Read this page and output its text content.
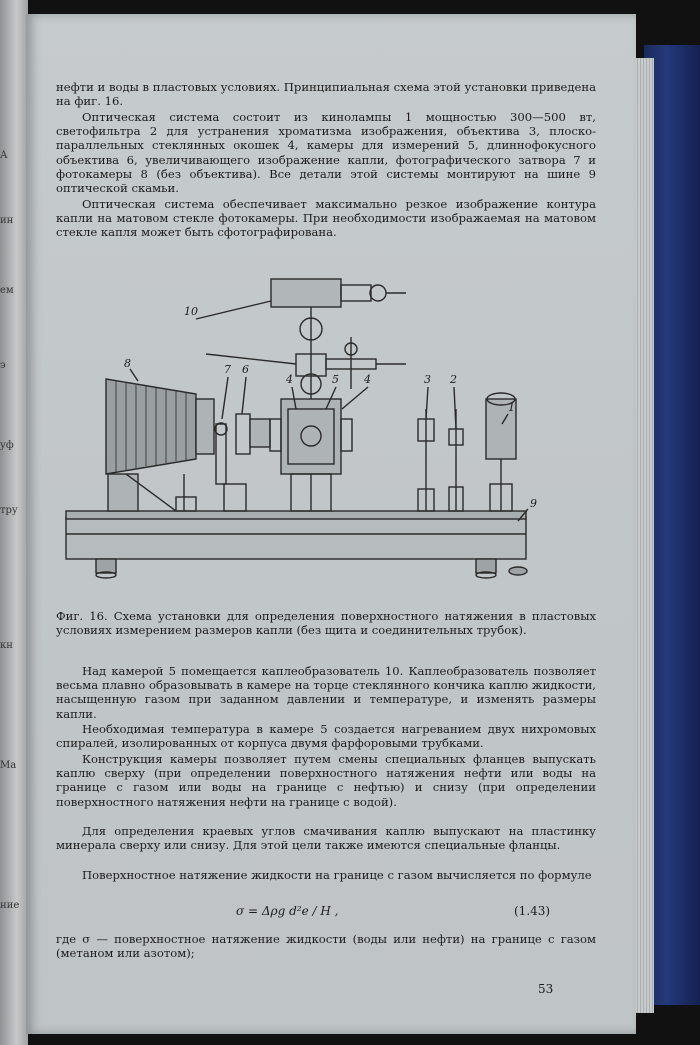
А
ин
ем
э
уф
тру
кн
Ма
ние

нефти и воды в пластовых условиях. Принципиальная схема этой установки приведена на фиг. 16.

Оптическая система состоит из кинолампы 1 мощностью 300—500 вт, светофильтра 2 для устранения хроматизма изображения, объектива 3, плоско-параллельных стеклянных окошек 4, камеры для измерений 5, длиннофокусного объектива 6, увеличивающего изображение капли, фотографического затвора 7 и фотокамеры 8 (без объектива). Все детали этой системы монтируют на шине 9 оптической скамьи.

Оптическая система обеспечивает максимально резкое изображение контура капли на матовом стекле фотокамеры. При необходимости изображаемая на матовом стекле капля может быть сфотографирована.

1
2
3
4	4
5
6
7
8
9
10
Фиг. 16. Схема установки для определения поверхностного натяжения в пластовых условиях измерением размеров капли (без щита и соединительных трубок).

Над камерой 5 помещается каплеобразователь 10. Каплеобразователь позволяет весьма плавно образовывать в камере на торце стеклянного кончика каплю жидкости, насыщенную газом при заданном давлении и температуре, и изменять размеры капли.

Необходимая температура в камере 5 создается нагреванием двух нихромовых спиралей, изолированных от корпуса двумя фарфоровыми трубками.

Конструкция камеры позволяет путем смены специальных фланцев выпускать каплю сверху (при определении поверхностного натяжения нефти или воды на границе с газом или воды на границе с нефтью) и снизу (при определении поверхностного натяжения нефти на границе с водой).

Для определения краевых углов смачивания каплю выпускают на пластинку минерала сверху или снизу. Для этой цели также имеются специальные фланцы.

Поверхностное натяжение жидкости на границе с газом вычисляется по формуле

σ = Δρg d²e / H ,	(1.43)

где σ — поверхностное натяжение жидкости (воды или нефти) на границе с газом (метаном или азотом);

53
